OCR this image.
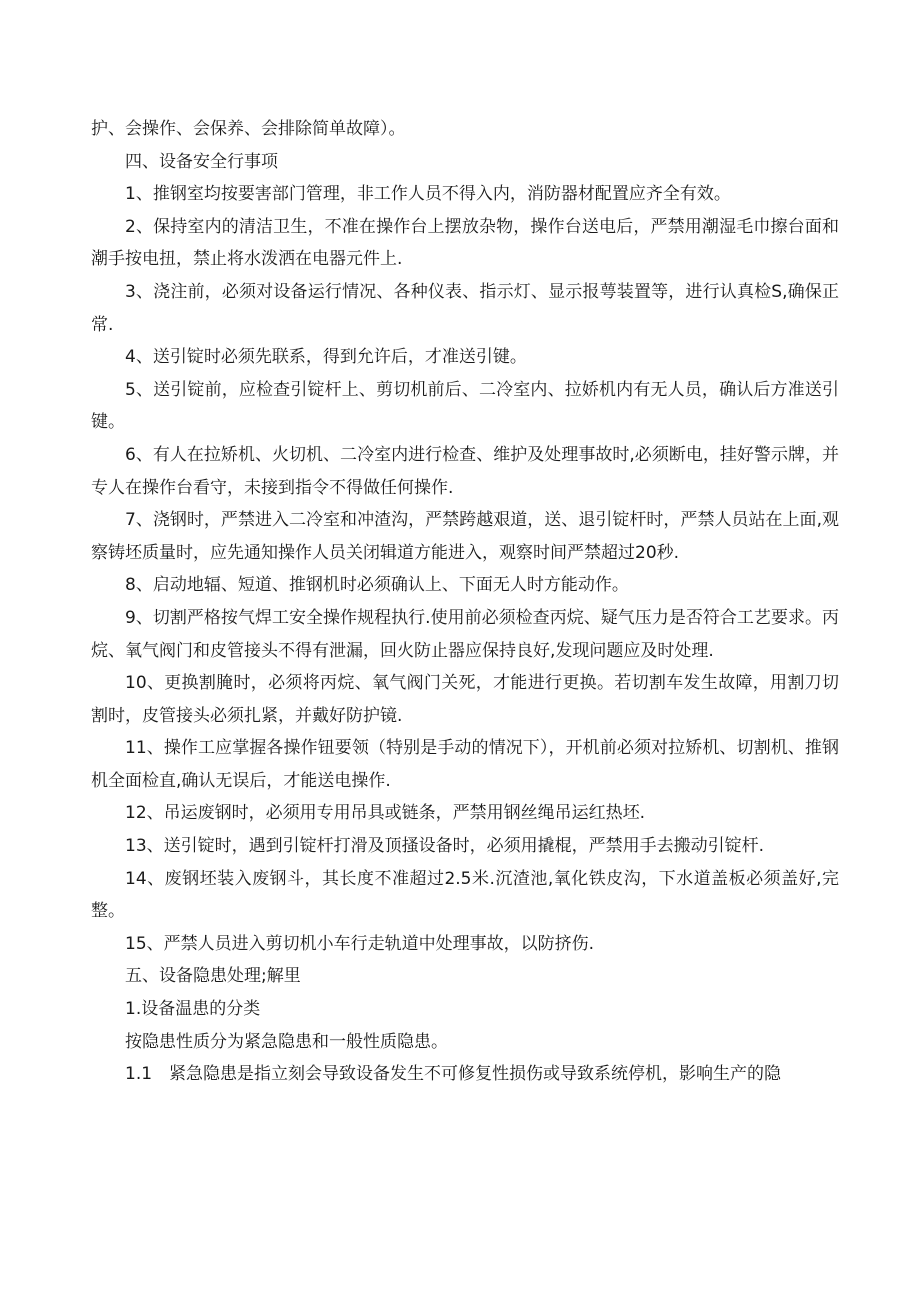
护、会操作、会保养、会排除简单故障）。

四、设备安全行事项

1、推钢室均按要害部门管理，非工作人员不得入内，消防器材配置应齐全有效。

2、保持室内的清洁卫生，不准在操作台上摆放杂物，操作台送电后，严禁用潮湿毛巾擦台面和潮手按电扭，禁止将水泼洒在电器元件上.

3、浇注前，必须对设备运行情况、各种仪表、指示灯、显示报萼装置等，进行认真检S,确保正常.

4、送引锭时必须先联系，得到允许后，才准送引键。

5、送引锭前，应检查引锭杆上、剪切机前后、二冷室内、拉娇机内有无人员，确认后方准送引键。

6、有人在拉矫机、火切机、二冷室内进行检查、维护及处理事故时,必须断电，挂好警示牌，并专人在操作台看守，未接到指令不得做任何操作.

7、浇钢时，严禁进入二冷室和冲渣沟，严禁跨越艰道，送、退引锭杆时，严禁人员站在上面,观察铸坯质量时，应先通知操作人员关闭辑道方能进入，观察时间严禁超过20秒.

8、启动地辐、短道、推钢机时必须确认上、下面无人时方能动作。

9、切割严格按气焊工安全操作规程执行.使用前必须检查丙烷、疑气压力是否符合工艺要求。丙烷、氧气阀门和皮管接头不得有泄漏，回火防止器应保持良好,发现问题应及时处理.

10、更换割腌时，必须将丙烷、氧气阀门关死，才能进行更换。若切割车发生故障，用割刀切割时，皮管接头必须扎紧，并戴好防护镜.

11、操作工应掌握各操作钮要领（特别是手动的情况下），开机前必须对拉矫机、切割机、推钢机全面检直,确认无误后，才能送电操作.

12、吊运废钢时，必须用专用吊具或链条，严禁用钢丝绳吊运红热坯.

13、送引锭时，遇到引锭杆打滑及顶搔设备时，必须用撬棍，严禁用手去搬动引锭杆.

14、废钢坯装入废钢斗，其长度不准超过2.5米.沉渣池,氧化铁皮沟，下水道盖板必须盖好,完整。

15、严禁人员进入剪切机小车行走轨道中处理事故，以防挤伤.

五、设备隐患处理;解里

1.设备温患的分类

按隐患性质分为紧急隐患和一般性质隐患。

1.1　紧急隐患是指立刻会导致设备发生不可修复性损伤或导致系统停机，影响生产的隐
